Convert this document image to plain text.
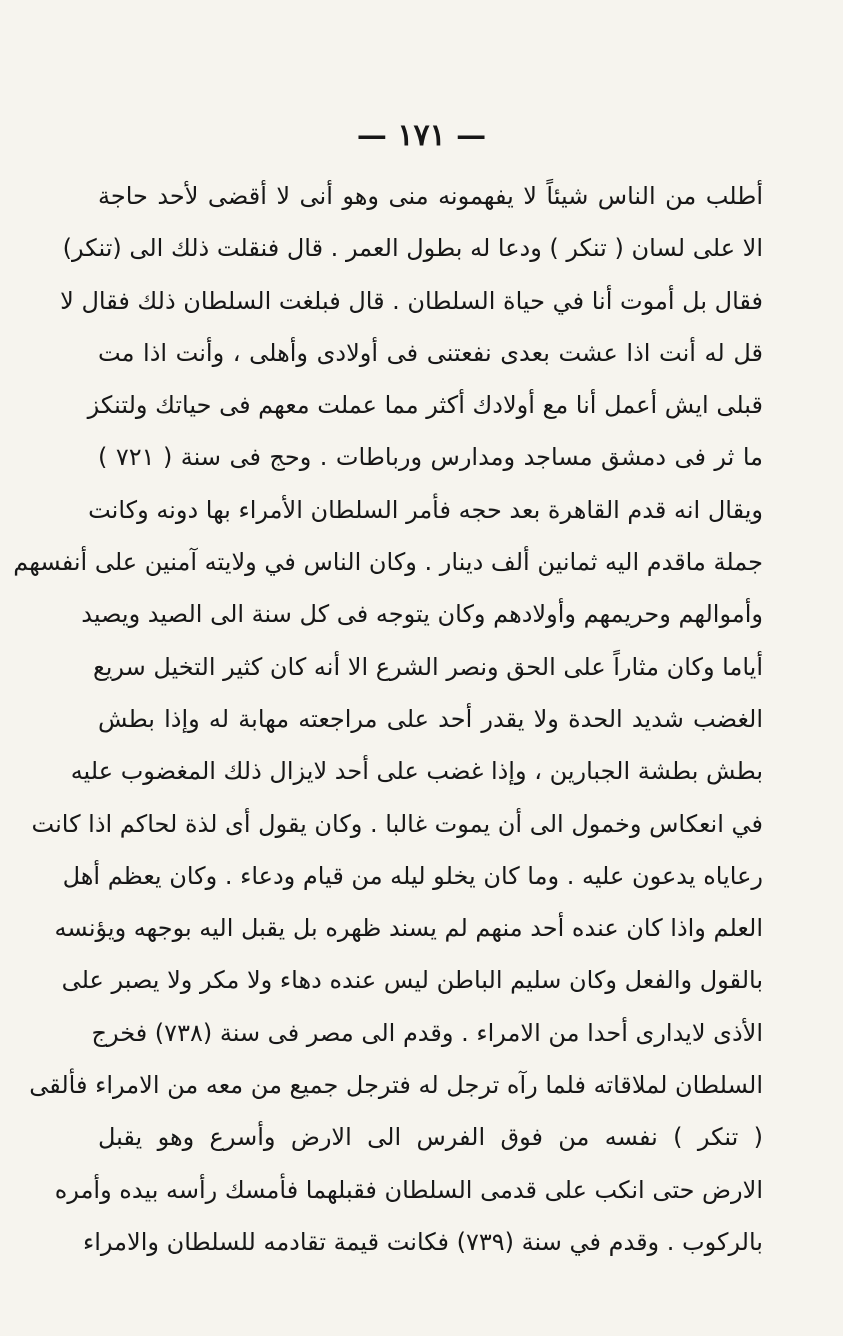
— ۱۷۱ —
أطلب من الناس شيئاً لا يفهمونه منى وهو أنى لا أقضى لأحد حاجة
الا على لسان ( تنكر ) ودعا له بطول العمر . قال فنقلت ذلك الى (تنكر)
فقال بل أموت أنا في حياة السلطان . قال فبلغت السلطان ذلك فقال لا
قل له أنت اذا عشت بعدى نفعتنى فى أولادى وأهلى ، وأنت اذا مت
قبلى ايش أعمل أنا مع أولادك أكثر مما عملت معهم فى حياتك ولتنكز
ما ثر فى دمشق مساجد ومدارس ورباطات . وحج فى سنة ( ٧٢١ )
ويقال انه قدم القاهرة بعد حجه فأمر السلطان الأمراء بها دونه وكانت
جملة ماقدم اليه ثمانين ألف دينار . وكان الناس في ولايته آمنين على أنفسهم
وأموالهم وحريمهم وأولادهم وكان يتوجه فى كل سنة الى الصيد ويصيد
أياما وكان مثاراً على الحق ونصر الشرع الا أنه كان كثير التخيل سريع
الغضب شديد الحدة ولا يقدر أحد على مراجعته مهابة له وإذا بطش
بطش بطشة الجبارين ، وإذا غضب على أحد لايزال ذلك المغضوب عليه
في انعكاس وخمول الى أن يموت غالبا . وكان يقول أى لذة لحاكم اذا كانت
رعاياه يدعون عليه . وما كان يخلو ليله من قيام ودعاء . وكان يعظم أهل
العلم واذا كان عنده أحد منهم لم يسند ظهره بل يقبل اليه بوجهه ويؤنسه
بالقول والفعل وكان سليم الباطن ليس عنده دهاء ولا مكر ولا يصبر على
الأذى لايدارى أحدا من الامراء . وقدم الى مصر فى سنة (٧٣٨) فخرج
السلطان لملاقاته فلما رآه ترجل له فترجل جميع من معه من الامراء فألقى
( تنكر ) نفسه من فوق الفرس الى الارض وأسرع وهو يقبل
الارض حتى انكب على قدمى السلطان فقبلهما فأمسك رأسه بيده وأمره
بالركوب . وقدم في سنة (٧٣٩) فكانت قيمة تقادمه للسلطان والامراء
